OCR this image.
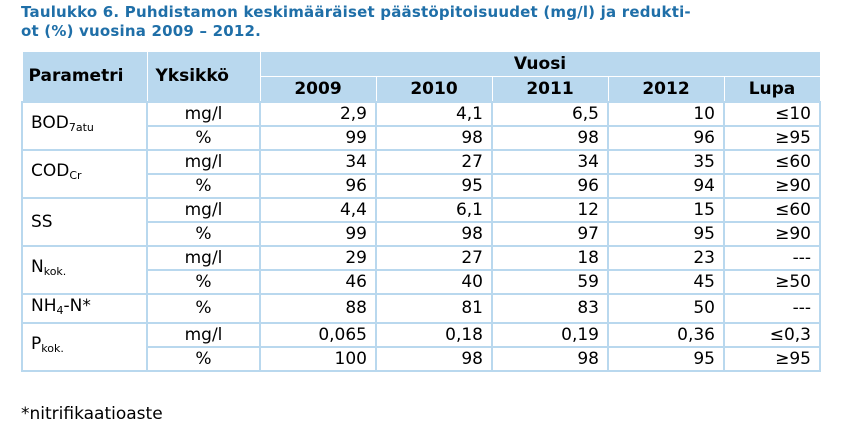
Taulukko 6. Puhdistamon keskimääräiset päästöpitoisuudet (mg/l) ja redukti-
ot (%) vuosina 2009 – 2012.
Parametri	Yksikkö	Vuosi				
		2009	2010	2011	2012	Lupa
$BOD_{7atu}$	mg/l	2,9	4,1	6,5	10	≤10
	%	99	98	98	96	≥95
$COD_{Cr}$	mg/l	34	27	34	35	≤60
	%	96	95	96	94	≥90
SS	mg/l	4,4	6,1	12	15	≤60
	%	99	98	97	95	≥90
$N_{kok.}$	mg/l	29	27	18	23	---
	%	46	40	59	45	≥50
$NH_4-N*$	%	88	81	83	50	---
$P_{kok.}$	mg/l	0,065	0,18	0,19	0,36	≤0,3
	%	100	98	98	95	≥95
*nitrifikaatioaste
